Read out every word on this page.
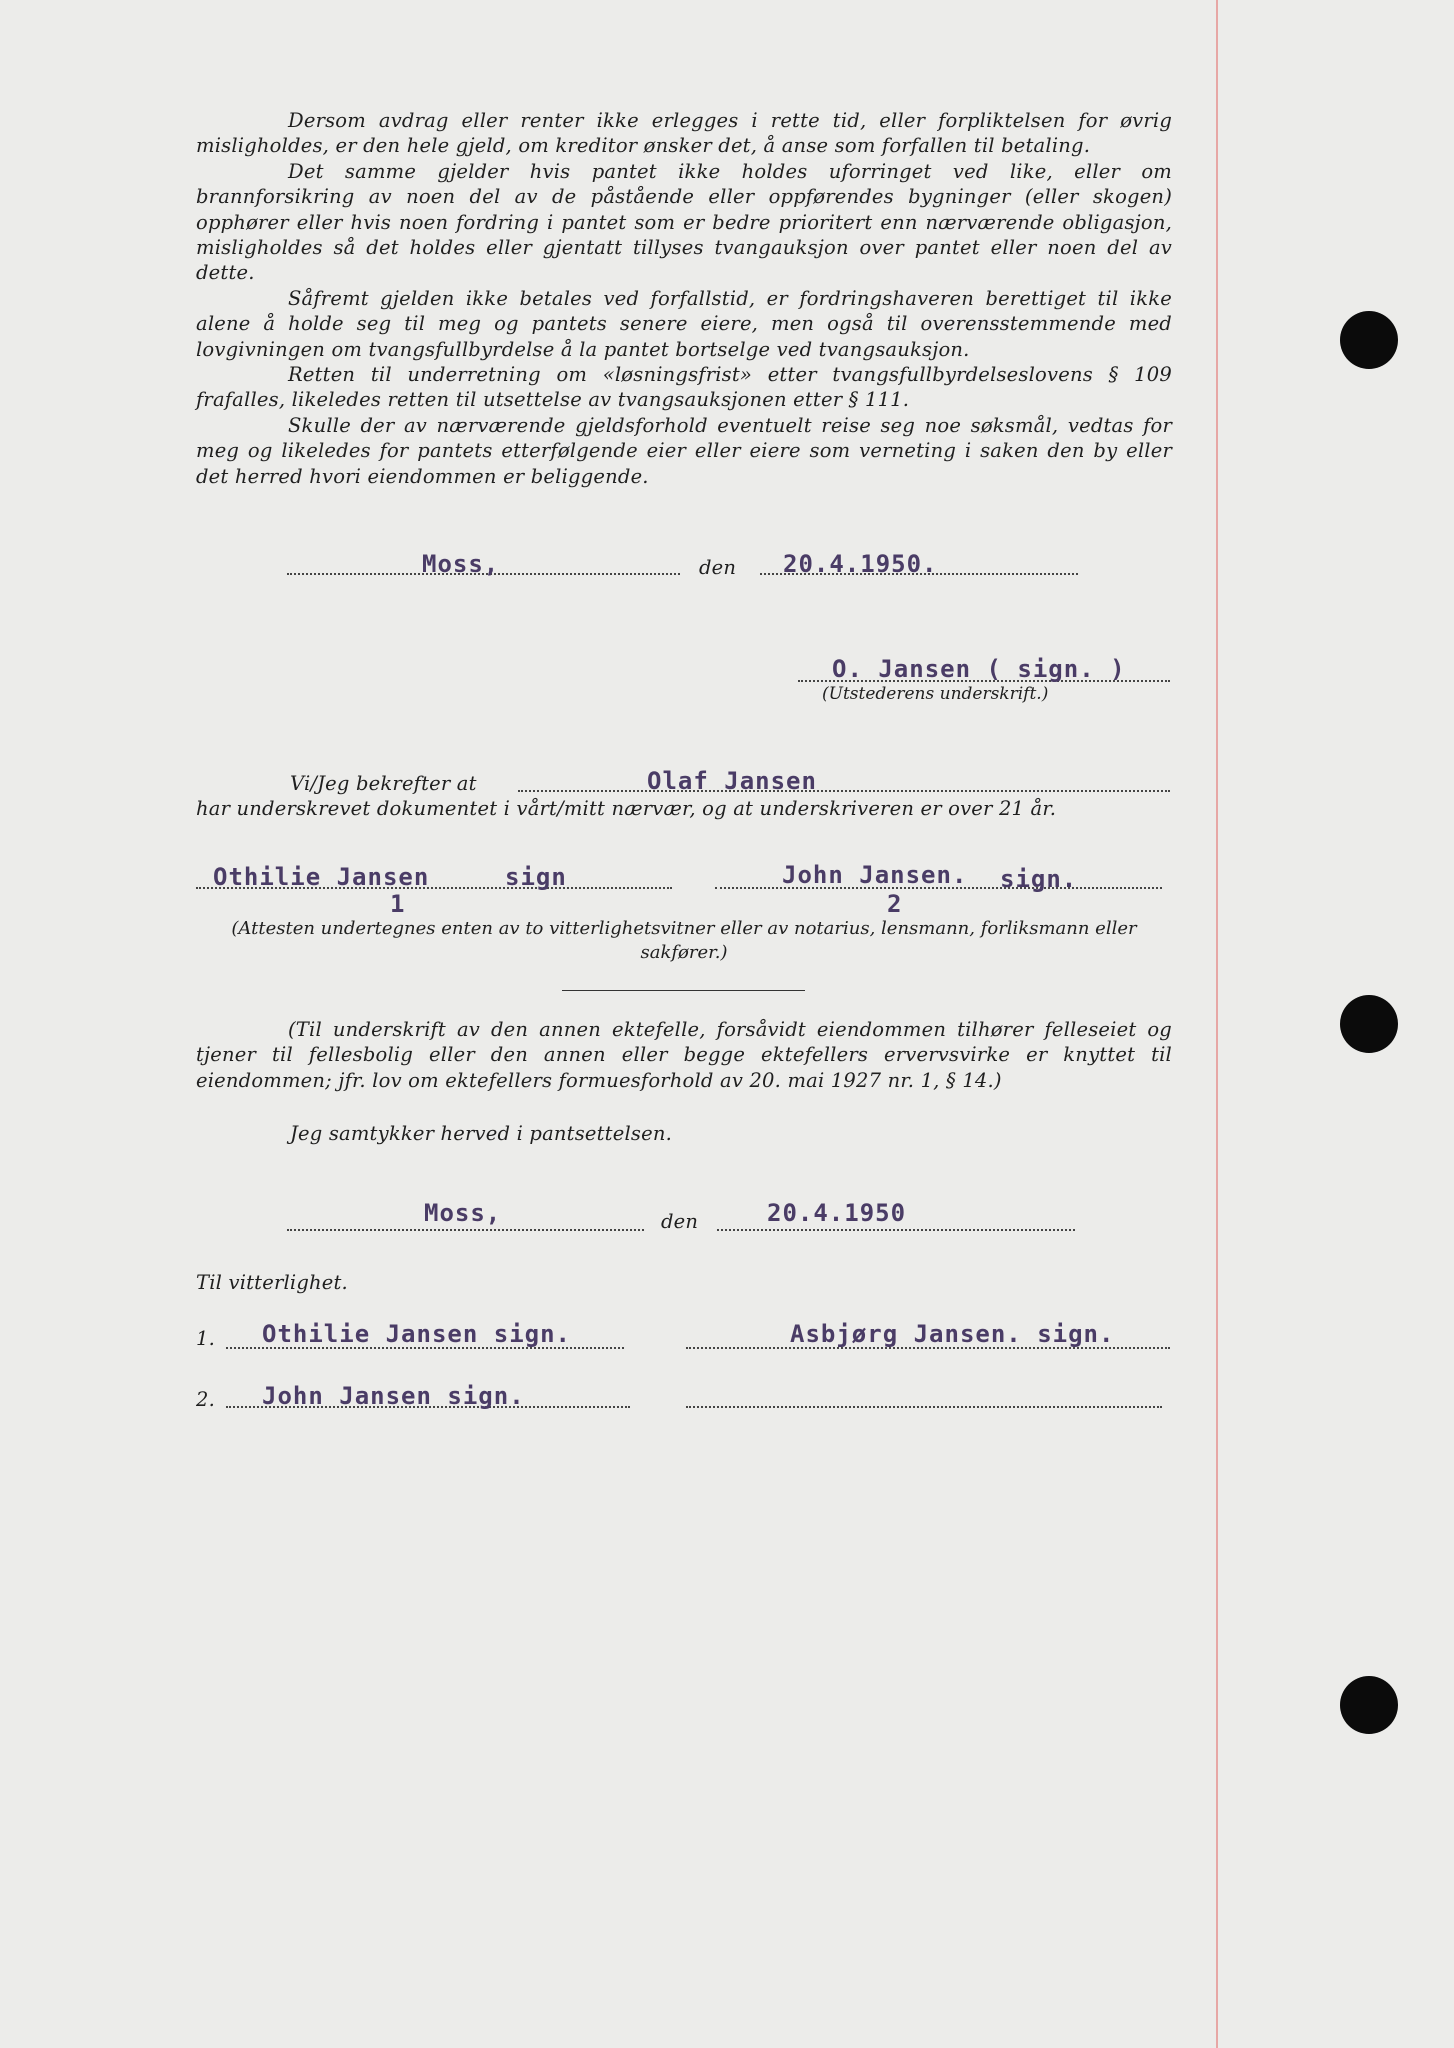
Dersom avdrag eller renter ikke erlegges i rette tid, eller forpliktelsen for øvrig misligholdes, er den hele gjeld, om kreditor ønsker det, å anse som forfallen til betaling.

Det samme gjelder hvis pantet ikke holdes uforringet ved like, eller om brannforsikring av noen del av de påstående eller oppførendes bygninger (eller skogen) opphører eller hvis noen fordring i pantet som er bedre prioritert enn nærværende obligasjon, misligholdes så det holdes eller gjentatt tillyses tvangauksjon over pantet eller noen del av dette.

Såfremt gjelden ikke betales ved forfallstid, er fordringshaveren berettiget til ikke alene å holde seg til meg og pantets senere eiere, men også til overensstemmende med lovgivningen om tvangsfullbyrdelse å la pantet bortselge ved tvangsauksjon.

Retten til underretning om «løsningsfrist» etter tvangsfullbyrdelseslovens § 109 frafalles, likeledes retten til utsettelse av tvangsauksjonen etter § 111.

Skulle der av nærværende gjeldsforhold eventuelt reise seg noe søksmål, vedtas for meg og likeledes for pantets etterfølgende eier eller eiere som verneting i saken den by eller det herred hvori eiendommen er beliggende.

Moss,	den 20.4.1950.
O. Jansen ( sign. )
(Utstederens underskrift.)
Vi/Jeg bekrefter at	Olaf Jansen
har underskrevet dokumentet i vårt/mitt nærvær, og at underskriveren er over 21 år.
Othilie Jansen	sign
1
John Jansen. sign.
2
(Attesten undertegnes enten av to vitterlighetsvitner eller av notarius, lensmann, forliksmann eller sakfører.)
(Til underskrift av den annen ektefelle, forsåvidt eiendommen tilhører felleseiet og tjener til fellesbolig eller den annen eller begge ektefellers ervervsvirke er knyttet til eiendommen; jfr. lov om ektefellers formuesforhold av 20. mai 1927 nr. 1, § 14.)
Jeg samtykker herved i pantsettelsen.
Moss,	den	20.4.1950
Til vitterlighet.
1. Othilie Jansen sign.	Asbjørg Jansen. sign.
2. John Jansen sign.
